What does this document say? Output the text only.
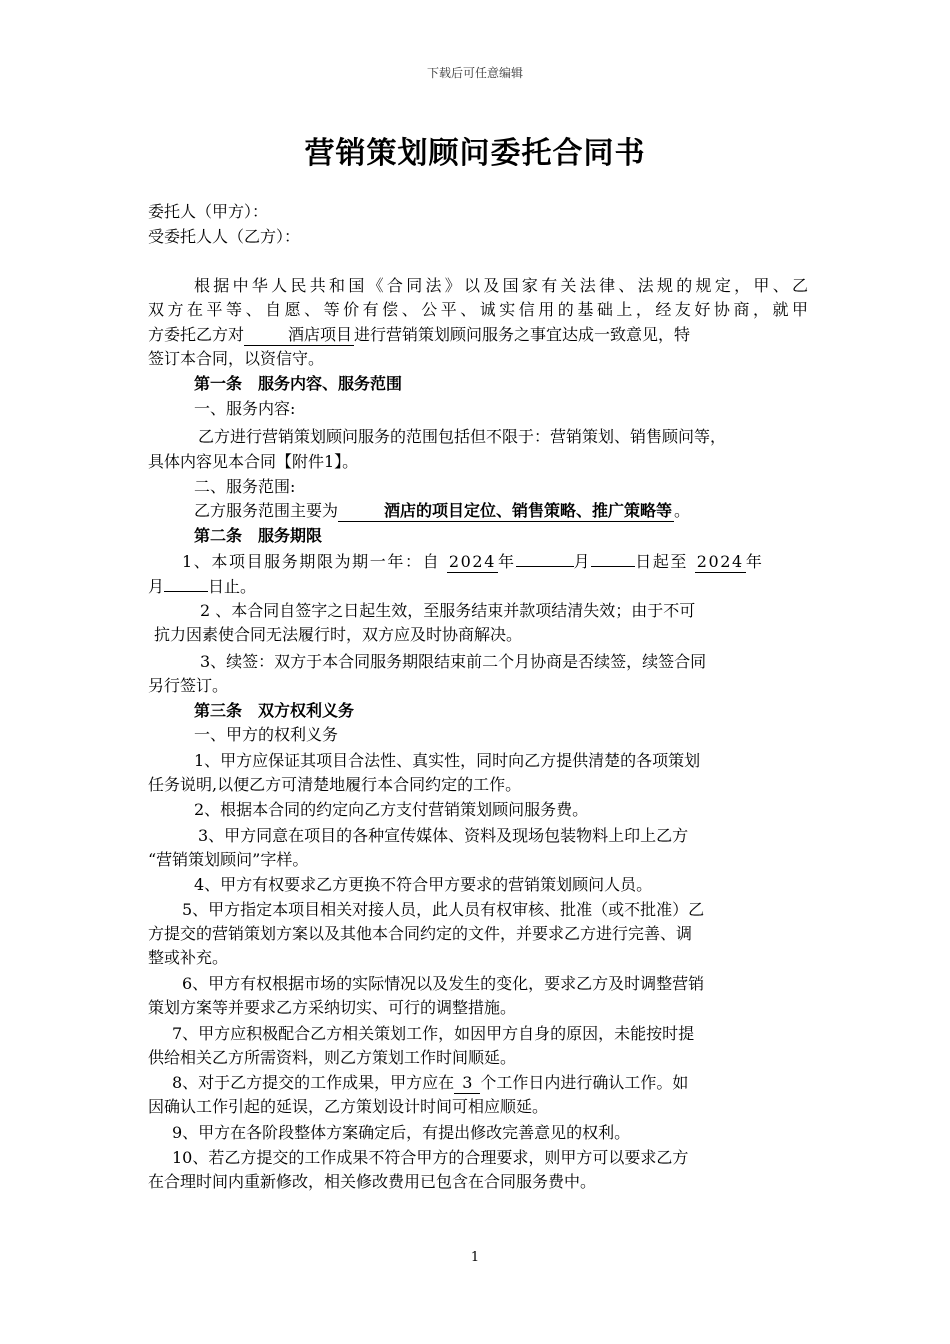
下载后可任意编辑
营销策划顾问委托合同书
委托人（甲方）：
受委托人人（乙方）：
根据中华人民共和国《合同法》以及国家有关法律、法规的规定，甲、乙
双方在平等、自愿、等价有偿、公平、诚实信用的基础上，经友好协商，就甲
方委托乙方对	酒店项目 进行营销策划顾问服务之事宜达成一致意见，特
签订本合同，以资信守。
第一条　服务内容、服务范围
一、服务内容:
乙方进行营销策划顾问服务的范围包括但不限于：营销策划、销售顾问等，
具体内容见本合同【附件1】。
二、服务范围:
乙方服务范围主要为	酒店的项目定位、销售策略、推广策略等 。
第二条　服务期限
1、本项目服务期限为期一年：自 2024 年	月	日起至 2024 年
月	日止。
2 、本合同自签字之日起生效，至服务结束并款项结清失效；由于不可
抗力因素使合同无法履行时，双方应及时协商解决。
3、续签：双方于本合同服务期限结束前二个月协商是否续签，续签合同
另行签订。
第三条　双方权利义务
一、甲方的权利义务
1、甲方应保证其项目合法性、真实性，同时向乙方提供清楚的各项策划
任务说明,以便乙方可清楚地履行本合同约定的工作。
2、根据本合同的约定向乙方支付营销策划顾问服务费。
3、甲方同意在项目的各种宣传媒体、资料及现场包装物料上印上乙方
“营销策划顾问”字样。
4、甲方有权要求乙方更换不符合甲方要求的营销策划顾问人员。
5、甲方指定本项目相关对接人员，此人员有权审核、批准（或不批准）乙
方提交的营销策划方案以及其他本合同约定的文件，并要求乙方进行完善、调
整或补充。
6、甲方有权根据市场的实际情况以及发生的变化，要求乙方及时调整营销
策划方案等并要求乙方采纳切实、可行的调整措施。
7、甲方应积极配合乙方相关策划工作，如因甲方自身的原因，未能按时提
供给相关乙方所需资料，则乙方策划工作时间顺延。
8、对于乙方提交的工作成果，甲方应在 3 个工作日内进行确认工作。如
因确认工作引起的延误，乙方策划设计时间可相应顺延。
9、甲方在各阶段整体方案确定后，有提出修改完善意见的权利。
10、若乙方提交的工作成果不符合甲方的合理要求，则甲方可以要求乙方
在合理时间内重新修改，相关修改费用已包含在合同服务费中。
1
